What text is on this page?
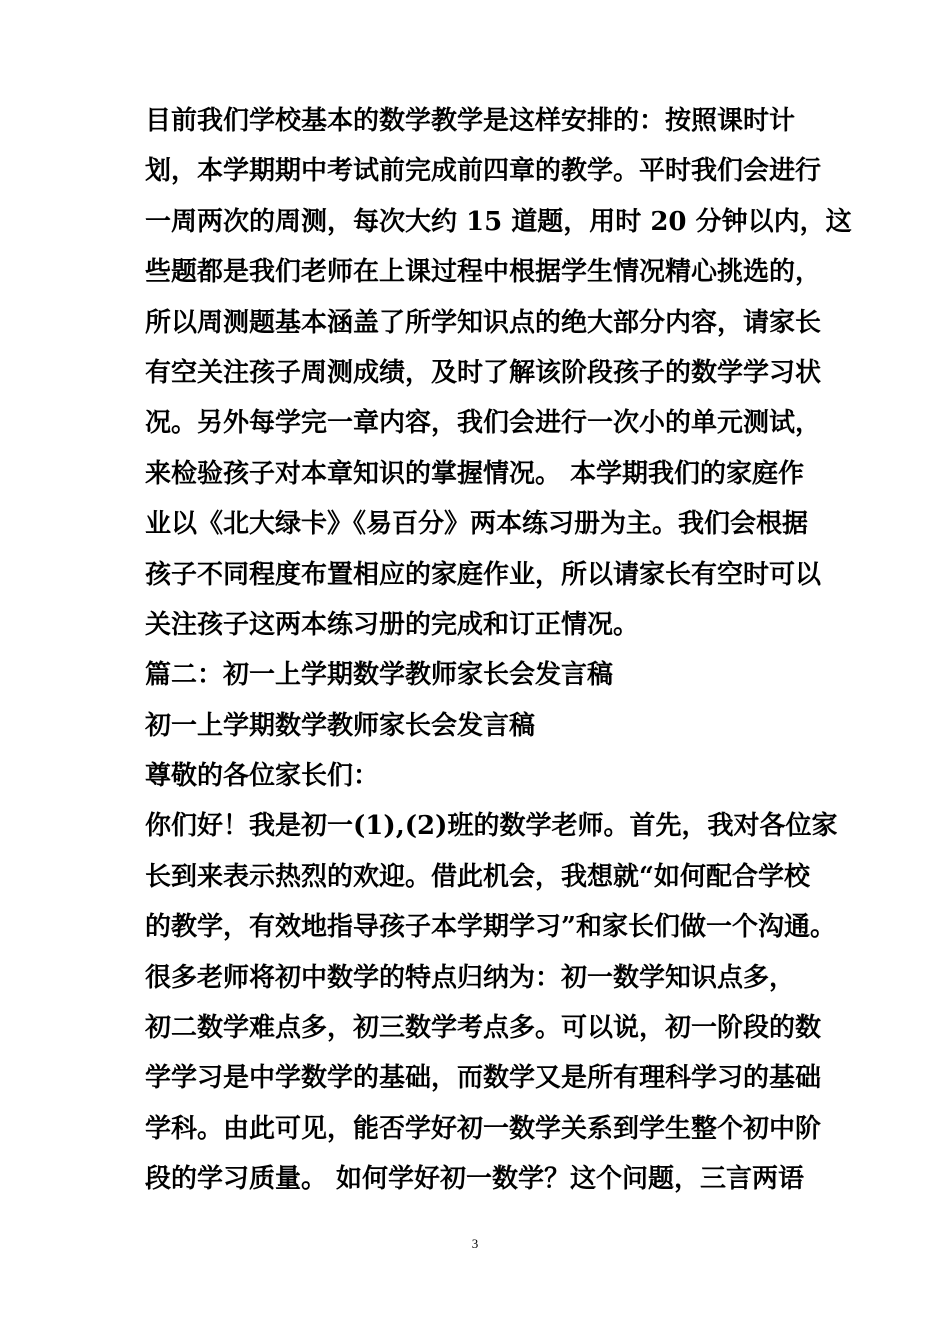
目前我们学校基本的数学教学是这样安排的：按照课时计
划，本学期期中考试前完成前四章的教学。平时我们会进行
一周两次的周测，每次大约 15 道题，用时 20 分钟以内，这
些题都是我们老师在上课过程中根据学生情况精心挑选的，
所以周测题基本涵盖了所学知识点的绝大部分内容，请家长
有空关注孩子周测成绩，及时了解该阶段孩子的数学学习状
况。另外每学完一章内容，我们会进行一次小的单元测试，
来检验孩子对本章知识的掌握情况。 本学期我们的家庭作
业以《北大绿卡》《易百分》两本练习册为主。我们会根据
孩子不同程度布置相应的家庭作业，所以请家长有空时可以
关注孩子这两本练习册的完成和订正情况。
篇二：初一上学期数学教师家长会发言稿
初一上学期数学教师家长会发言稿
尊敬的各位家长们：
你们好！我是初一(1),(2)班的数学老师。首先，我对各位家
长到来表示热烈的欢迎。借此机会，我想就“如何配合学校
的教学，有效地指导孩子本学期学习”和家长们做一个沟通。
很多老师将初中数学的特点归纳为：初一数学知识点多，
初二数学难点多，初三数学考点多。可以说，初一阶段的数
学学习是中学数学的基础，而数学又是所有理科学习的基础
学科。由此可见，能否学好初一数学关系到学生整个初中阶
段的学习质量。 如何学好初一数学？这个问题，三言两语
3
